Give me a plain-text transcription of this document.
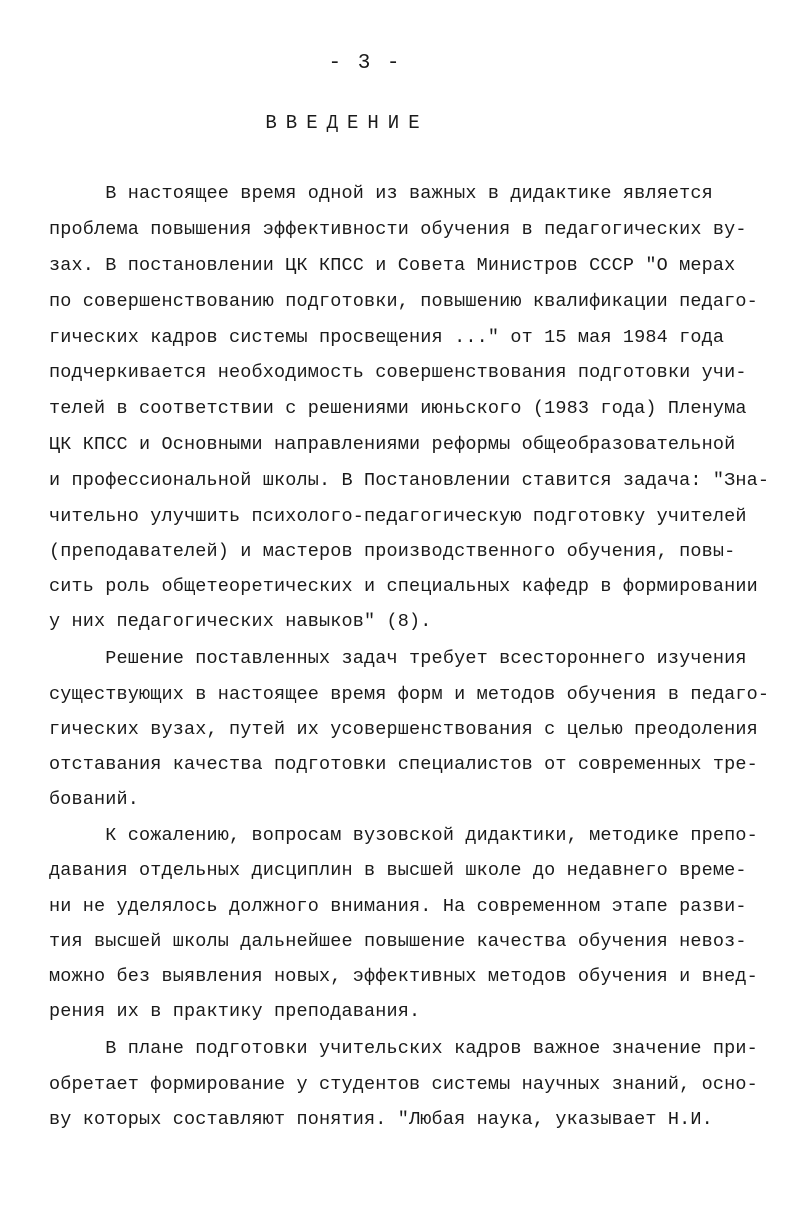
- 3 -
ВВЕДЕНИЕ
В настоящее время одной из важных в дидактике является
проблема повышения эффективности обучения в педагогических ву-
зах. В постановлении ЦК КПСС и Совета Министров СССР "О мерах
по совершенствованию подготовки, повышению квалификации педаго-
гических кадров системы просвещения ..." от 15 мая 1984 года
подчеркивается необходимость совершенствования подготовки учи-
телей в соответствии с решениями июньского (1983 года) Пленума
ЦК КПСС и Основными направлениями реформы общеобразовательной
и профессиональной школы. В Постановлении ставится задача: "Зна-
чительно улучшить психолого-педагогическую подготовку учителей
(преподавателей) и мастеров производственного обучения, повы-
сить роль общетеоретических и специальных кафедр в формировании
у них педагогических навыков" (8).
Решение поставленных задач требует всестороннего изучения
существующих в настоящее время форм и методов обучения в педаго-
гических вузах, путей их усовершенствования с целью преодоления
отставания качества подготовки специалистов от современных тре-
бований.
К сожалению, вопросам вузовской дидактики, методике препо-
давания отдельных дисциплин в высшей школе до недавнего време-
ни не уделялось должного внимания. На современном этапе разви-
тия высшей школы дальнейшее повышение качества обучения невоз-
можно без выявления новых, эффективных методов обучения и внед-
рения их в практику преподавания.
В плане подготовки учительских кадров важное значение при-
обретает формирование у студентов системы научных знаний, осно-
ву которых составляют понятия. "Любая наука, указывает Н.И.
